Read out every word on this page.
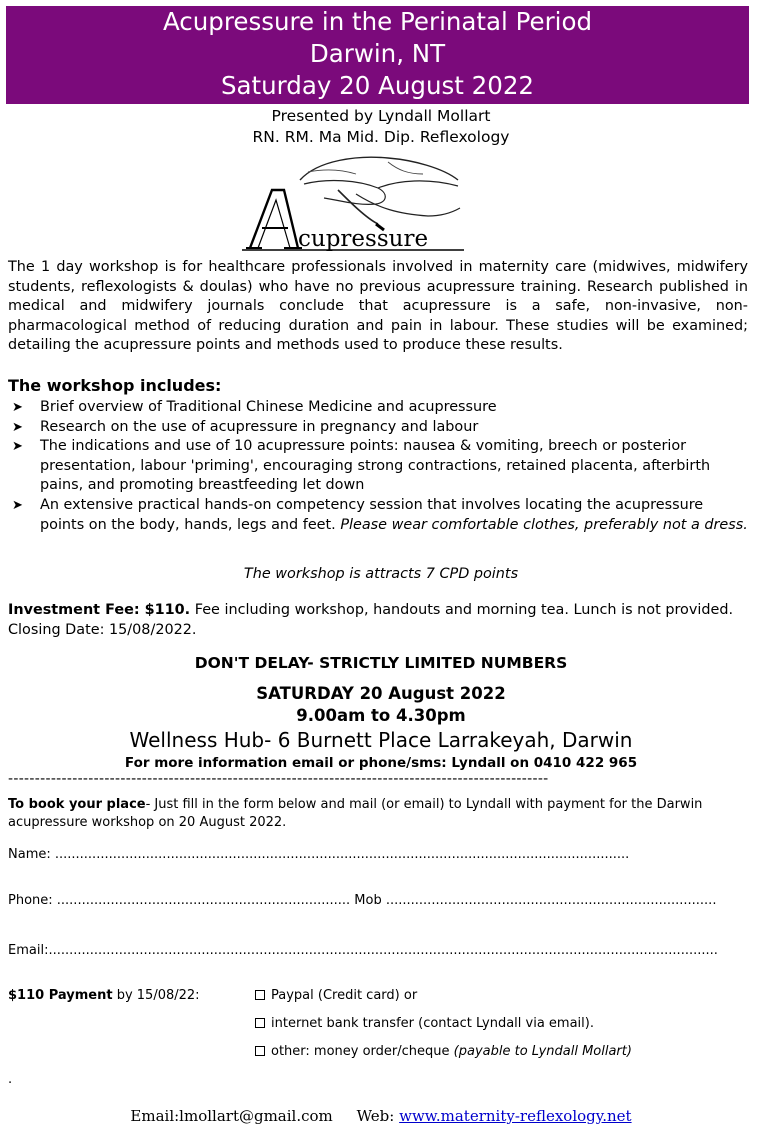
Acupressure in the Perinatal Period
Darwin, NT
Saturday 20 August 2022
Presented by Lyndall Mollart
RN. RM. Ma Mid. Dip. Reflexology
cupressure
The 1 day workshop is for healthcare professionals involved in maternity care (midwives, midwifery students, reflexologists & doulas) who have no previous acupressure training. Research published in medical and midwifery journals conclude that acupressure is a safe, non-invasive, non-pharmacological method of reducing duration and pain in labour. These studies will be examined; detailing the acupressure points and methods used to produce these results.
The workshop includes:
➤ Brief overview of Traditional Chinese Medicine and acupressure
➤ Research on the use of acupressure in pregnancy and labour
➤ The indications and use of 10 acupressure points: nausea & vomiting, breech or posterior presentation, labour 'priming', encouraging strong contractions, retained placenta, afterbirth pains, and promoting breastfeeding let down
➤ An extensive practical hands-on competency session that involves locating the acupressure points on the body, hands, legs and feet. Please wear comfortable clothes, preferably not a dress.
The workshop is attracts 7 CPD points
Investment Fee: $110. Fee including workshop, handouts and morning tea. Lunch is not provided. Closing Date: 15/08/2022.
DON'T DELAY- STRICTLY LIMITED NUMBERS
SATURDAY 20 August 2022
9.00am to 4.30pm
Wellness Hub- 6 Burnett Place Larrakeyah, Darwin
For more information email or phone/sms: Lyndall on 0410 422 965
-----------------------------------------------------------------------------------------------------
To book your place- Just fill in the form below and mail (or email) to Lyndall with payment for the Darwin acupressure workshop on 20 August 2022.
Name: ...........................................................................................................................................
Phone: ....................................................................... Mob ................................................................................
Email:..................................................................................................................................................................
$110 Payment by 15/08/22:	Paypal (Credit card) or
internet bank transfer (contact Lyndall via email).
other: money order/cheque (payable to Lyndall Mollart)
.
Email:lmollart@gmail.com Web: www.maternity-reflexology.net
